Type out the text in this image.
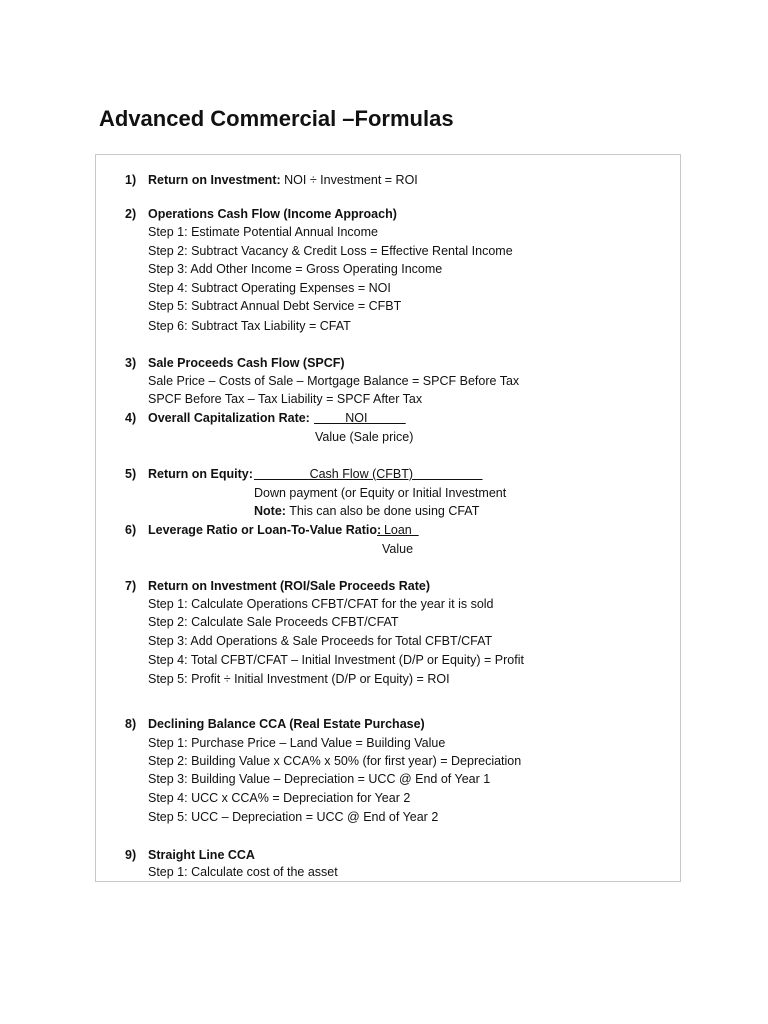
Advanced Commercial –Formulas
1) Return on Investment: NOI ÷ Investment = ROI
2) Operations Cash Flow (Income Approach)
Step 1: Estimate Potential Annual Income
Step 2: Subtract Vacancy & Credit Loss = Effective Rental Income
Step 3: Add Other Income = Gross Operating Income
Step 4: Subtract Operating Expenses = NOI
Step 5: Subtract Annual Debt Service = CFBT
Step 6: Subtract Tax Liability = CFAT
3) Sale Proceeds Cash Flow (SPCF)
Sale Price – Costs of Sale – Mortgage Balance = SPCF Before Tax
SPCF Before Tax – Tax Liability = SPCF After Tax
4) Overall Capitalization Rate: NOI
Value (Sale price)
5) Return on Equity: Cash Flow (CFBT)
Down payment (or Equity or Initial Investment
Note: This can also be done using CFAT
6) Leverage Ratio or Loan-To-Value Ratio:
Loan
Value
7) Return on Investment (ROI/Sale Proceeds Rate)
Step 1: Calculate Operations CFBT/CFAT for the year it is sold
Step 2: Calculate Sale Proceeds CFBT/CFAT
Step 3: Add Operations & Sale Proceeds for Total CFBT/CFAT
Step 4: Total CFBT/CFAT – Initial Investment (D/P or Equity) = Profit
Step 5: Profit ÷ Initial Investment (D/P or Equity) = ROI
8) Declining Balance CCA (Real Estate Purchase)
Step 1: Purchase Price – Land Value = Building Value
Step 2: Building Value x CCA% x 50% (for first year) = Depreciation
Step 3: Building Value – Depreciation = UCC @ End of Year 1
Step 4: UCC x CCA% = Depreciation for Year 2
Step 5: UCC – Depreciation = UCC @ End of Year 2
9) Straight Line CCA
Step 1: Calculate cost of the asset
